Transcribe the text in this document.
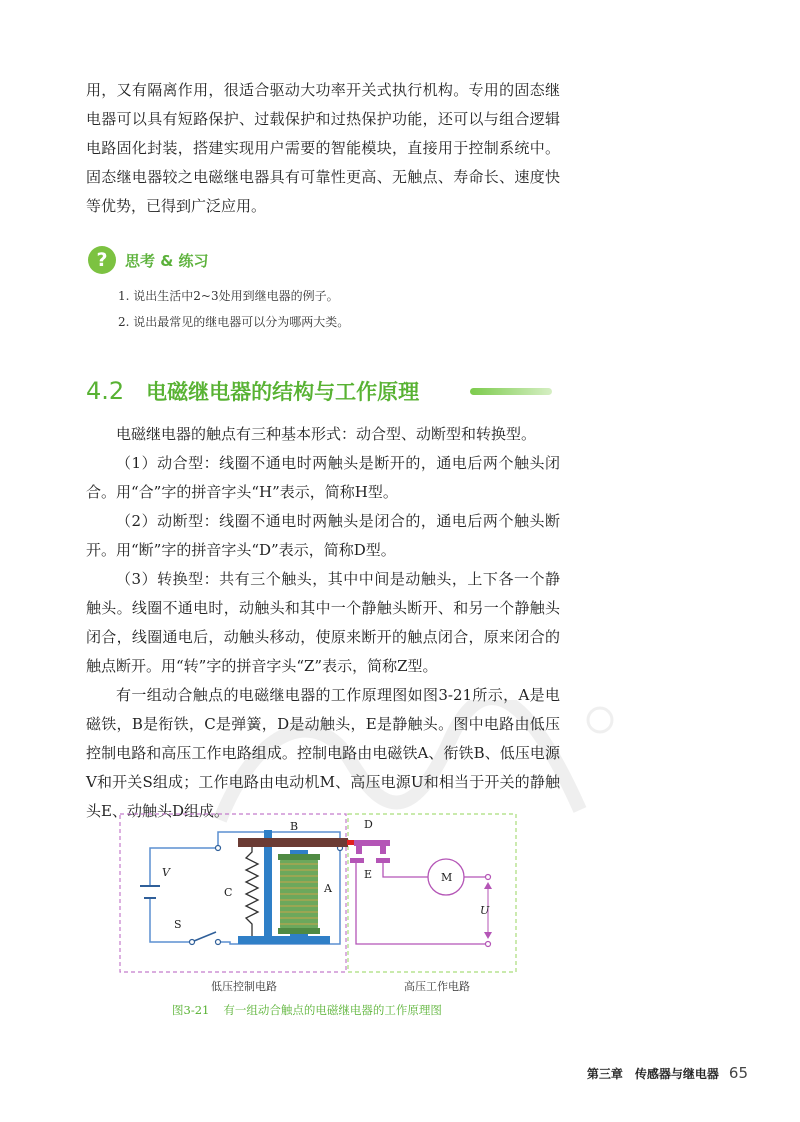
用，又有隔离作用，很适合驱动大功率开关式执行机构。专用的固态继电器可以具有短路保护、过载保护和过热保护功能，还可以与组合逻辑电路固化封装，搭建实现用户需要的智能模块，直接用于控制系统中。固态继电器较之电磁继电器具有可靠性更高、无触点、寿命长、速度快等优势，已得到广泛应用。

?	思考 & 练习
1. 说出生活中2~3处用到继电器的例子。
2. 说出最常见的继电器可以分为哪两大类。
4.2 电磁继电器的结构与工作原理

电磁继电器的触点有三种基本形式：动合型、动断型和转换型。

（1）动合型：线圈不通电时两触头是断开的，通电后两个触头闭合。用“合”字的拼音字头“H”表示，简称H型。

（2）动断型：线圈不通电时两触头是闭合的，通电后两个触头断开。用“断”字的拼音字头“D”表示，简称D型。

（3）转换型：共有三个触头，其中中间是动触头，上下各一个静触头。线圈不通电时，动触头和其中一个静触头断开、和另一个静触头闭合，线圈通电后，动触头移动，使原来断开的触点闭合，原来闭合的触点断开。用“转”字的拼音字头“Z”表示，简称Z型。

有一组动合触点的电磁继电器的工作原理图如图3-21所示，A是电磁铁，B是衔铁，C是弹簧，D是动触头，E是静触头。图中电路由低压控制电路和高压工作电路组成。控制电路由电磁铁A、衔铁B、低压电源V和开关S组成；工作电路由电动机M、高压电源U和相当于开关的静触头E、动触头D组成。

B	D
V
C	A
E	M
S
U
低压控制电路	高压工作电路
图3-21 有一组动合触点的电磁继电器的工作原理图
第三章　传感器与继电器 65
